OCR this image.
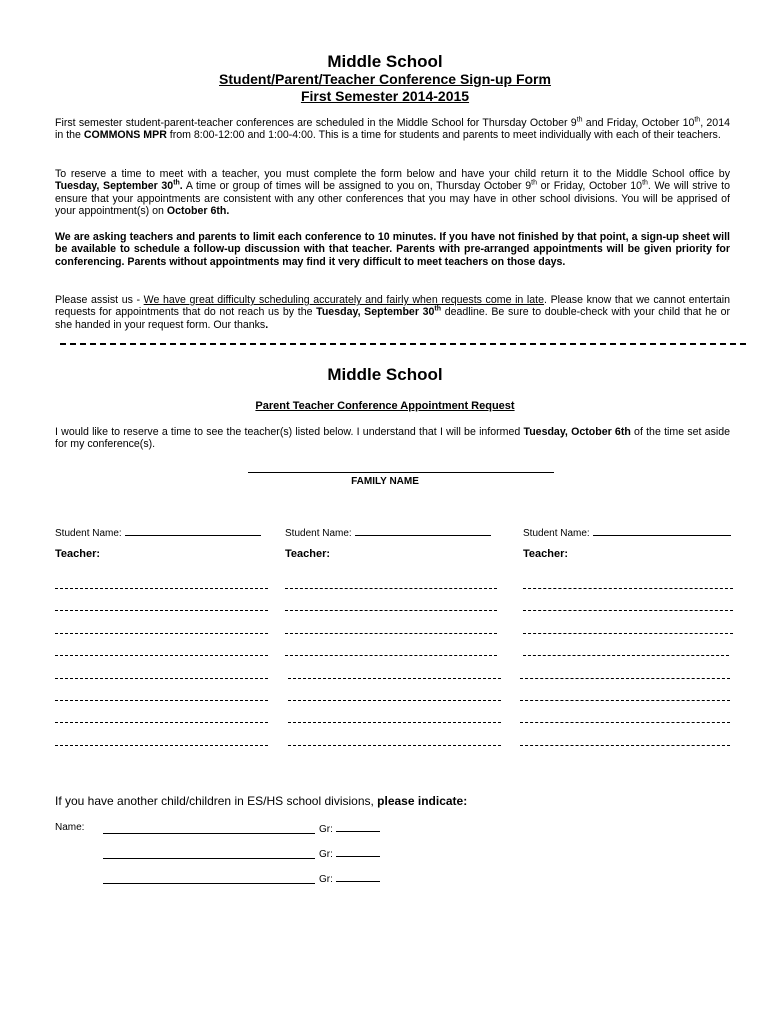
Middle School
Student/Parent/Teacher Conference Sign-up Form
First Semester 2014-2015
First semester student-parent-teacher conferences are scheduled in the Middle School for Thursday October 9th and Friday, October 10th, 2014 in the COMMONS MPR from 8:00-12:00 and 1:00-4:00. This is a time for students and parents to meet individually with each of their teachers.
To reserve a time to meet with a teacher, you must complete the form below and have your child return it to the Middle School office by Tuesday, September 30th. A time or group of times will be assigned to you on, Thursday October 9th or Friday, October 10th. We will strive to ensure that your appointments are consistent with any other conferences that you may have in other school divisions. You will be apprised of your appointment(s) on October 6th.
We are asking teachers and parents to limit each conference to 10 minutes. If you have not finished by that point, a sign-up sheet will be available to schedule a follow-up discussion with that teacher. Parents with pre-arranged appointments will be given priority for conferencing. Parents without appointments may find it very difficult to meet teachers on those days.
Please assist us - We have great difficulty scheduling accurately and fairly when requests come in late. Please know that we cannot entertain requests for appointments that do not reach us by the Tuesday, September 30th deadline. Be sure to double-check with your child that he or she handed in your request form. Our thanks.
Middle School
Parent Teacher Conference Appointment Request
I would like to reserve a time to see the teacher(s) listed below. I understand that I will be informed Tuesday, October 6th of the time set aside for my conference(s).
FAMILY NAME
Student Name:
Teacher:
Student Name:
Teacher:
Student Name:
Teacher:
If you have another child/children in ES/HS school divisions, please indicate:
Name:	Gr:
Gr:
Gr:
